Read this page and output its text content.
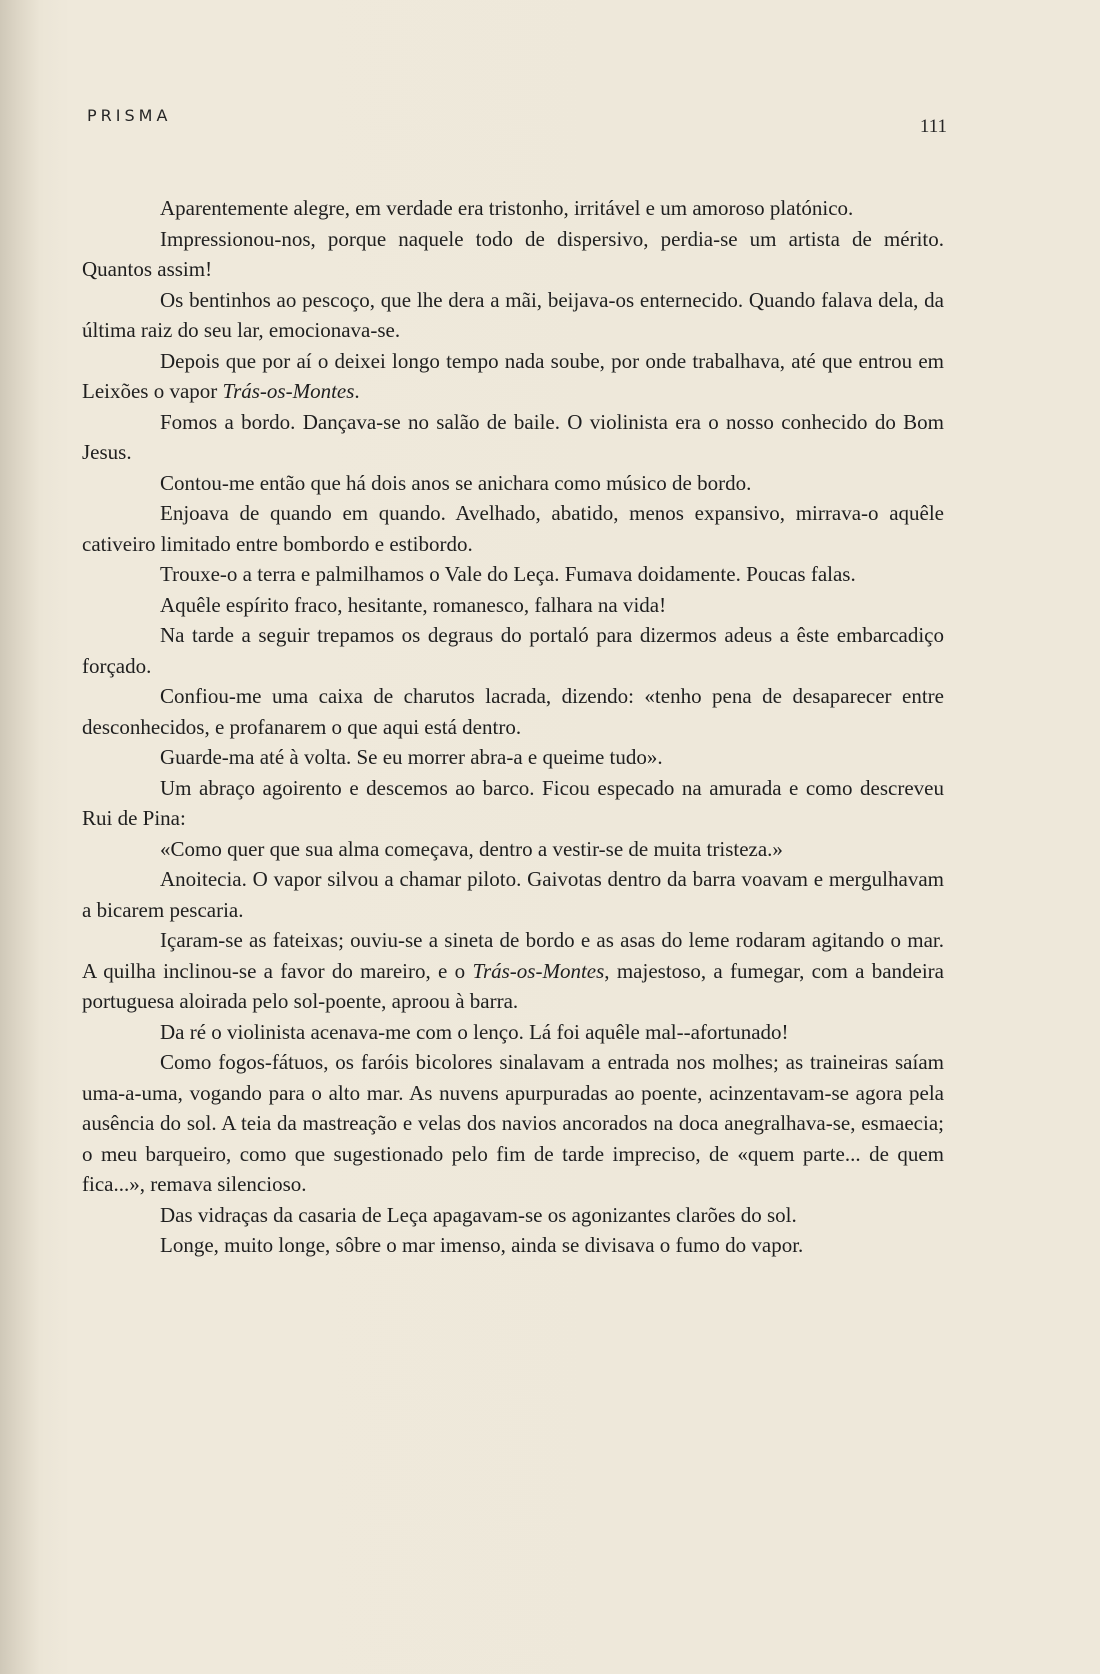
PRISMA
111

Aparentemente alegre, em verdade era tristonho, irritável e um amoroso platónico.

Impressionou-nos, porque naquele todo de dispersivo, perdia-se um artista de mérito. Quantos assim!

Os bentinhos ao pescoço, que lhe dera a mãi, beijava-os enternecido. Quando falava dela, da última raiz do seu lar, emocionava-se.

Depois que por aí o deixei longo tempo nada soube, por onde trabalhava, até que entrou em Leixões o vapor Trás-os-Montes.

Fomos a bordo. Dançava-se no salão de baile. O violinista era o nosso conhecido do Bom Jesus.

Contou-me então que há dois anos se anichara como músico de bordo.

Enjoava de quando em quando. Avelhado, abatido, menos expansivo, mirrava-o aquêle cativeiro limitado entre bombordo e estibordo.

Trouxe-o a terra e palmilhamos o Vale do Leça. Fumava doidamente. Poucas falas.

Aquêle espírito fraco, hesitante, romanesco, falhara na vida!

Na tarde a seguir trepamos os degraus do portaló para dizermos adeus a êste embarcadiço forçado.

Confiou-me uma caixa de charutos lacrada, dizendo: «tenho pena de desaparecer entre desconhecidos, e profanarem o que aqui está dentro.

Guarde-ma até à volta. Se eu morrer abra-a e queime tudo».

Um abraço agoirento e descemos ao barco. Ficou especado na amurada e como descreveu Rui de Pina:

«Como quer que sua alma começava, dentro a vestir-se de muita tristeza.»

Anoitecia. O vapor silvou a chamar piloto. Gaivotas dentro da barra voavam e mergulhavam a bicarem pescaria.

Içaram-se as fateixas; ouviu-se a sineta de bordo e as asas do leme rodaram agitando o mar. A quilha inclinou-se a favor do mareiro, e o Trás-os-Montes, majestoso, a fumegar, com a bandeira portuguesa aloirada pelo sol-poente, aproou à barra.

Da ré o violinista acenava-me com o lenço. Lá foi aquêle mal--afortunado!

Como fogos-fátuos, os faróis bicolores sinalavam a entrada nos molhes; as traineiras saíam uma-a-uma, vogando para o alto mar. As nuvens apurpuradas ao poente, acinzentavam-se agora pela ausência do sol. A teia da mastreação e velas dos navios ancorados na doca anegralhava-se, esmaecia; o meu barqueiro, como que sugestionado pelo fim de tarde impreciso, de «quem parte... de quem fica...», remava silencioso.

Das vidraças da casaria de Leça apagavam-se os agonizantes clarões do sol.

Longe, muito longe, sôbre o mar imenso, ainda se divisava o fumo do vapor.
